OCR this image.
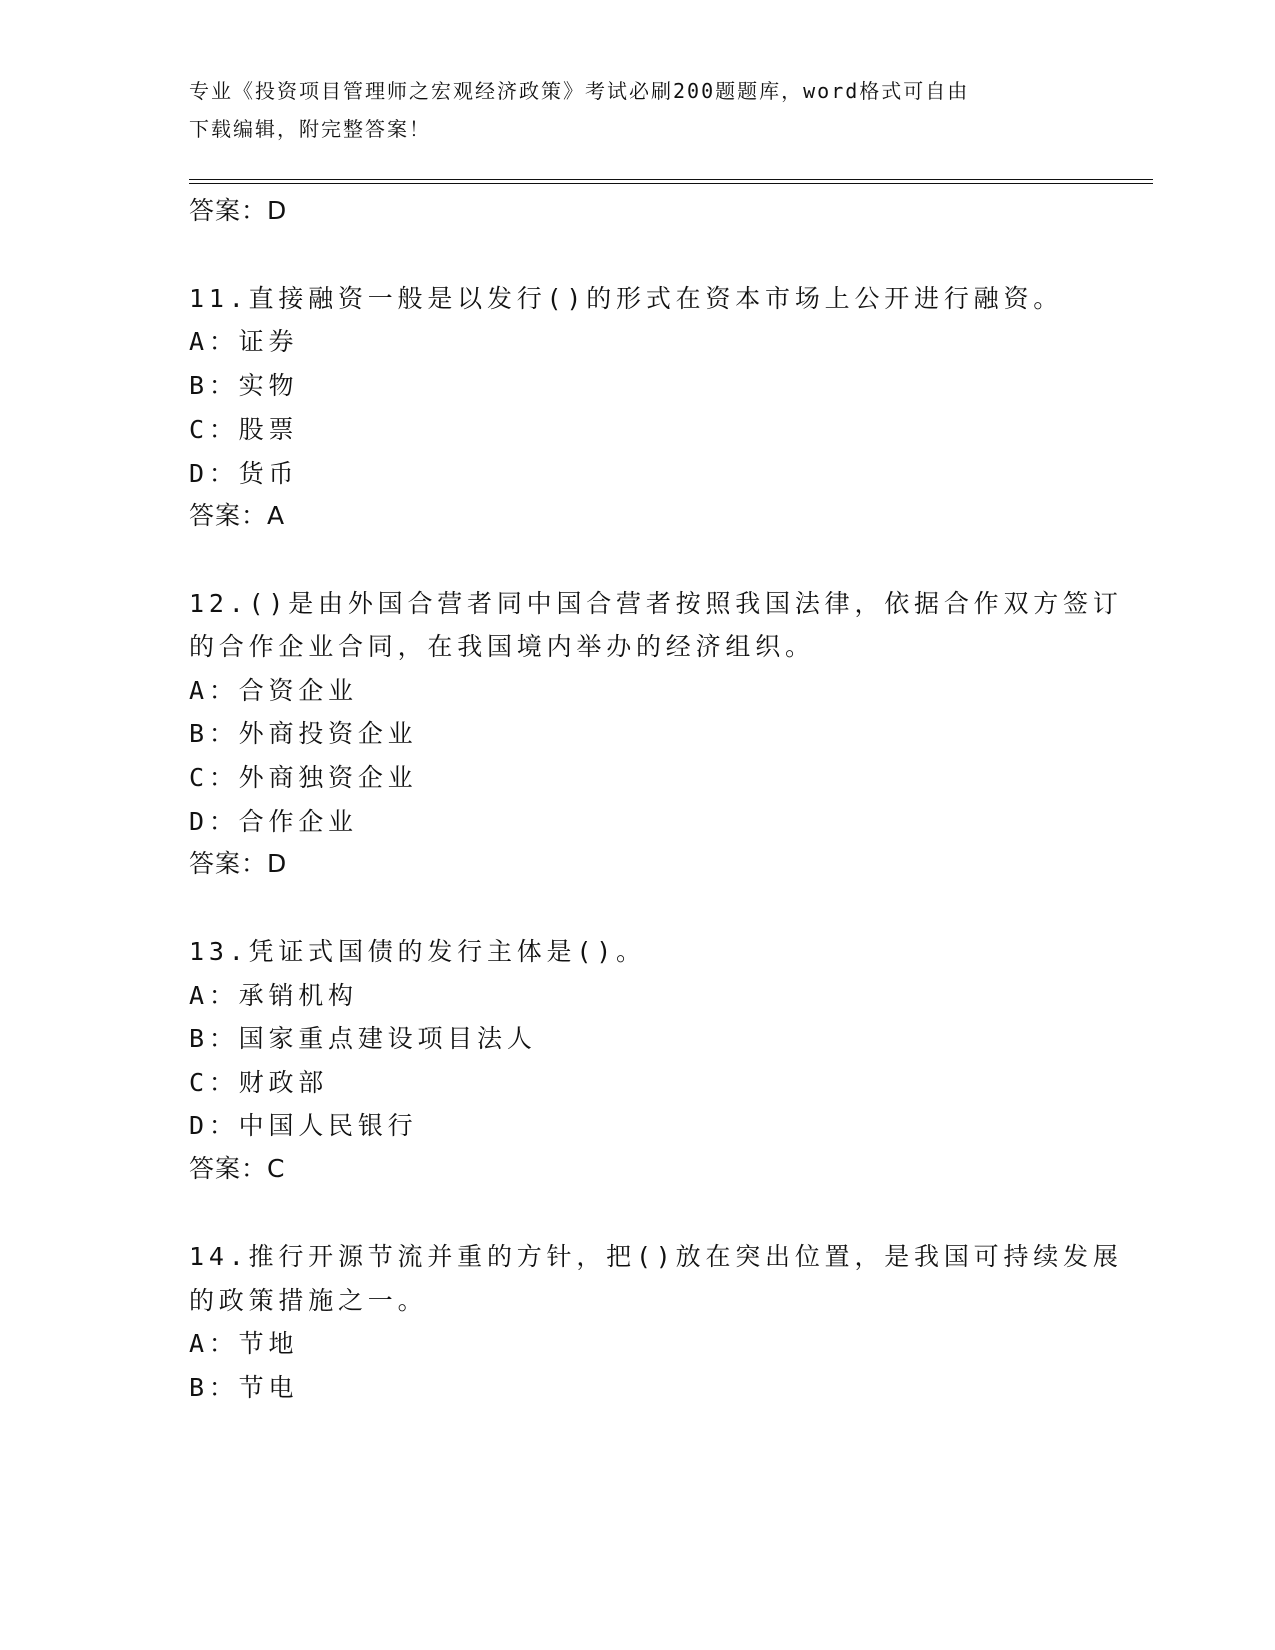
专业《投资项目管理师之宏观经济政策》考试必刷200题题库，word格式可自由
下载编辑，附完整答案！
答案：D
11.直接融资一般是以发行()的形式在资本市场上公开进行融资。
A：证券
B：实物
C：股票
D：货币
答案：A
12.()是由外国合营者同中国合营者按照我国法律，依据合作双方签订
的合作企业合同，在我国境内举办的经济组织。
A：合资企业
B：外商投资企业
C：外商独资企业
D：合作企业
答案：D
13.凭证式国债的发行主体是()。
A：承销机构
B：国家重点建设项目法人
C：财政部
D：中国人民银行
答案：C
14.推行开源节流并重的方针，把()放在突出位置，是我国可持续发展
的政策措施之一。
A：节地
B：节电
